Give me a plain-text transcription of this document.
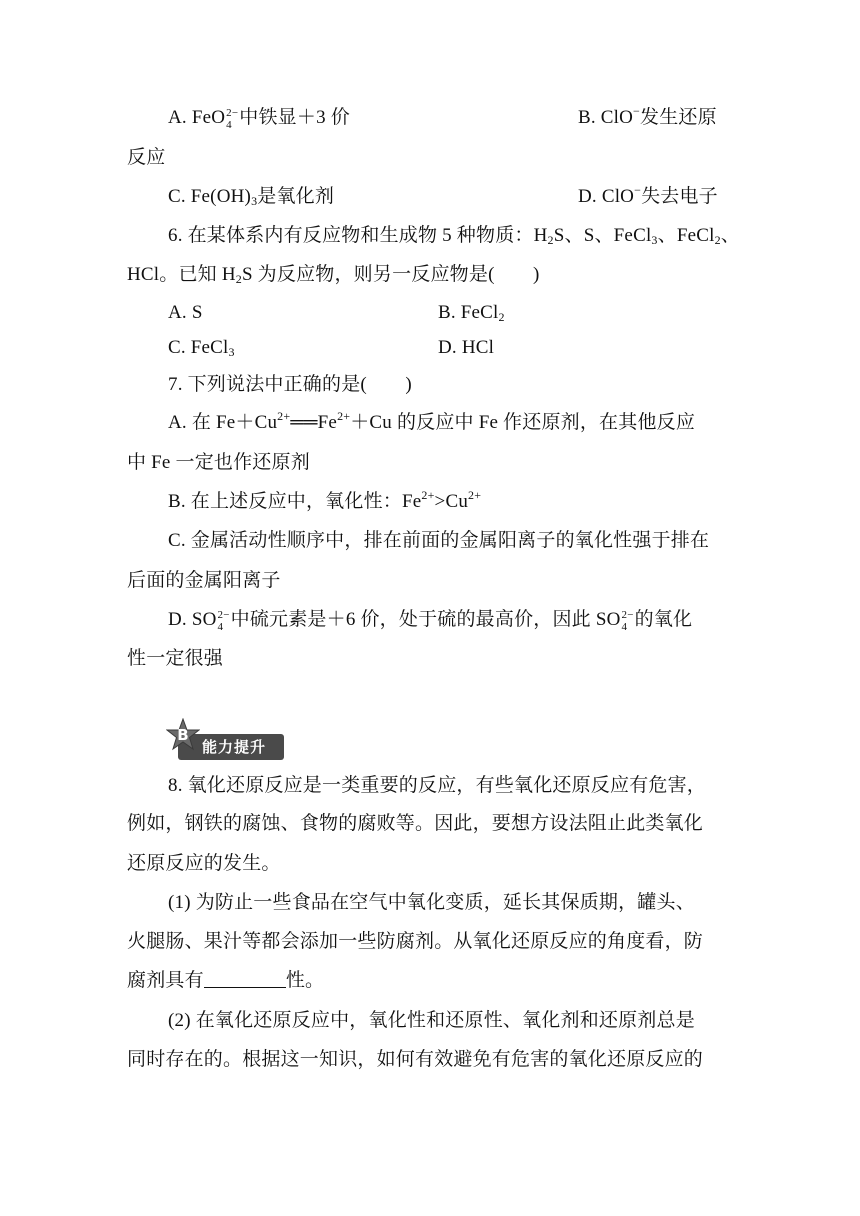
A. FeO 2−
4 中铁显＋3 价	B. ClO−发生还原
反应
C. $Fe(OH)_3$是氧化剂	D. ClO−失去电子
6. 在某体系内有反应物和生成物 5 种物质：$H_2S$、S、FeCl$_3$、FeCl$_2$、
HCl。已知 $H_2S$ 为反应物，则另一反应物是(　　)
A. S	B. FeCl$_2$
C. FeCl$_3$	D. HCl
7. 下列说法中正确的是(　　)
A. 在 $Fe+Cu^{2+}══Fe^{2+}+Cu$ 的反应中 Fe 作还原剂，在其他反应
中 Fe 一定也作还原剂
B. 在上述反应中，氧化性：$Fe^{2+}>Cu^{2+}$
C. 金属活动性顺序中，排在前面的金属阳离子的氧化性强于排在
后面的金属阳离子
D. SO 2−
4 中硫元素是＋6 价，处于硫的最高价，因此 SO 2−
4 的氧化
性一定很强
B
能力提升
8. 氧化还原反应是一类重要的反应，有些氧化还原反应有危害，
例如，钢铁的腐蚀、食物的腐败等。因此，要想方设法阻止此类氧化
还原反应的发生。
(1) 为防止一些食品在空气中氧化变质，延长其保质期，罐头、
火腿肠、果汁等都会添加一些防腐剂。从氧化还原反应的角度看，防
腐剂具有	性。
(2) 在氧化还原反应中，氧化性和还原性、氧化剂和还原剂总是
同时存在的。根据这一知识，如何有效避免有危害的氧化还原反应的
